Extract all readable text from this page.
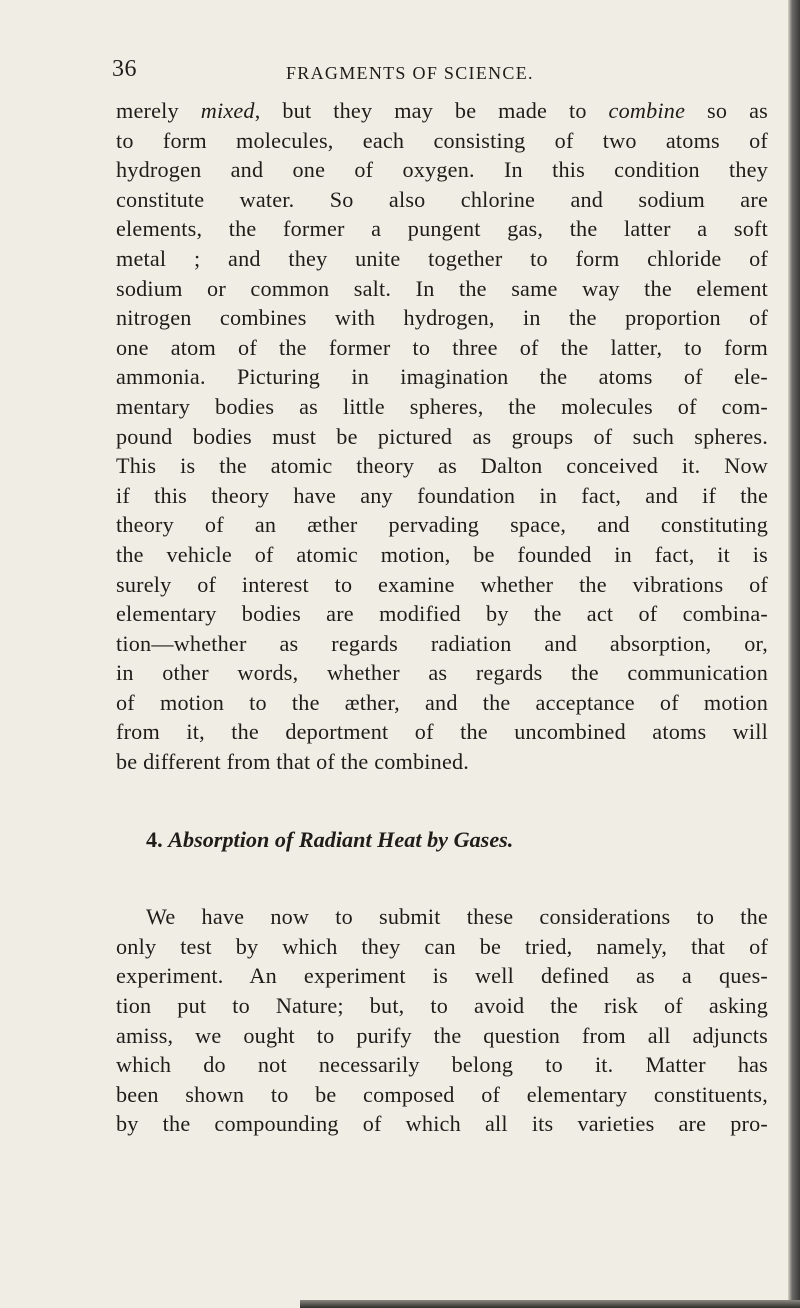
36	FRAGMENTS OF SCIENCE.

merely mixed, but they may be made to combine so as
to form molecules, each consisting of two atoms of
hydrogen and one of oxygen. In this condition they
constitute water. So also chlorine and sodium are
elements, the former a pungent gas, the latter a soft
metal ; and they unite together to form chloride of
sodium or common salt. In the same way the element
nitrogen combines with hydrogen, in the proportion of
one atom of the former to three of the latter, to form
ammonia. Picturing in imagination the atoms of ele-
mentary bodies as little spheres, the molecules of com-
pound bodies must be pictured as groups of such spheres.
This is the atomic theory as Dalton conceived it. Now
if this theory have any foundation in fact, and if the
theory of an æther pervading space, and constituting
the vehicle of atomic motion, be founded in fact, it is
surely of interest to examine whether the vibrations of
elementary bodies are modified by the act of combina-
tion—whether as regards radiation and absorption, or,
in other words, whether as regards the communication
of motion to the æther, and the acceptance of motion
from it, the deportment of the uncombined atoms will
be different from that of the combined.

4. Absorption of Radiant Heat by Gases.

We have now to submit these considerations to the
only test by which they can be tried, namely, that of
experiment. An experiment is well defined as a ques-
tion put to Nature; but, to avoid the risk of asking
amiss, we ought to purify the question from all adjuncts
which do not necessarily belong to it. Matter has
been shown to be composed of elementary constituents,
by the compounding of which all its varieties are pro-
